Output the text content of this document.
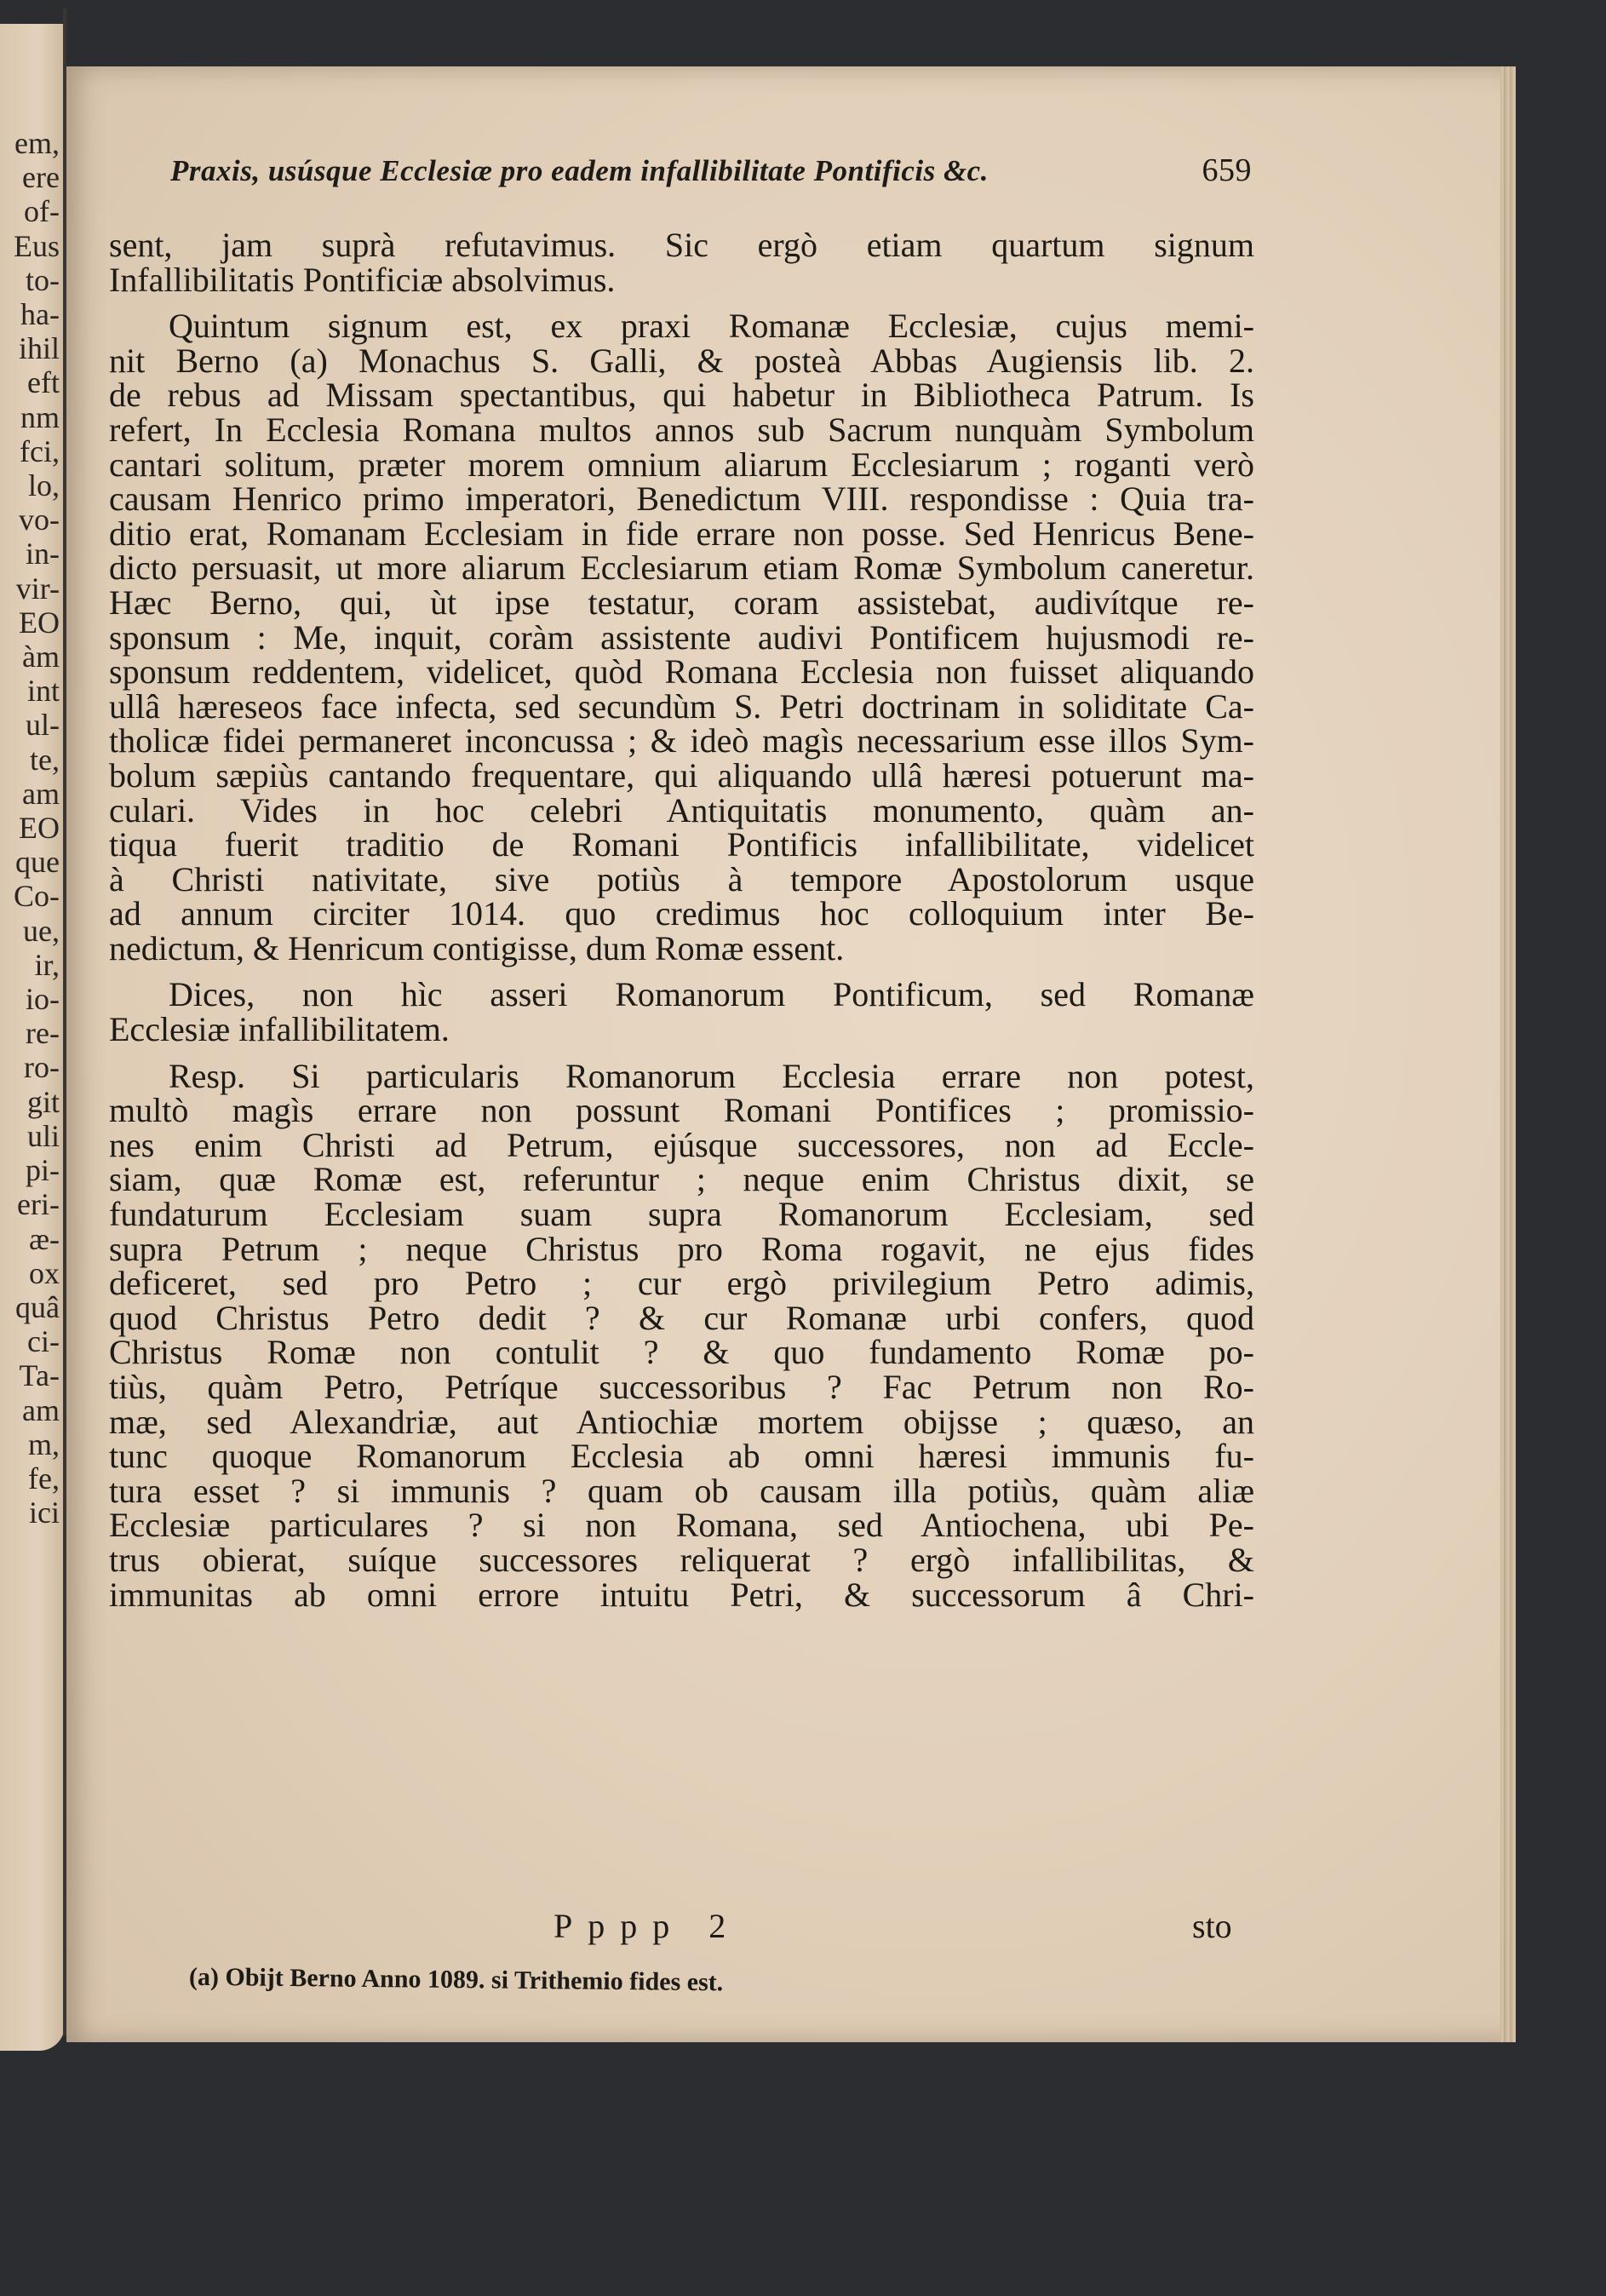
em,
ere
of-
Eus
to-
ha-
ihil
eft
nm
fci,
lo,
vo-
in-
vir-
EO
àm
int
ul-
te,
am
EO
que
Co-
ue,
ir,
io-
re-
ro-
git
uli
pi-
eri-
æ-
ox
quâ
ci-
Ta-
am
m,
fe,
ici
Praxis, usúsque Ecclesiæ pro eadem infallibilitate Pontificis &c.	659
sent, jam suprà refutavimus. Sic ergò etiam quartum signum
Infallibilitatis Pontificiæ absolvimus.
Quintum signum est, ex praxi Romanæ Ecclesiæ, cujus memi-
nit Berno (a) Monachus S. Galli, & posteà Abbas Augiensis lib. 2.
de rebus ad Missam spectantibus, qui habetur in Bibliotheca Patrum. Is
refert, In Ecclesia Romana multos annos sub Sacrum nunquàm Symbolum
cantari solitum, præter morem omnium aliarum Ecclesiarum ; roganti verò
causam Henrico primo imperatori, Benedictum VIII. respondisse : Quia tra-
ditio erat, Romanam Ecclesiam in fide errare non posse. Sed Henricus Bene-
dicto persuasit, ut more aliarum Ecclesiarum etiam Romæ Symbolum caneretur.
Hæc Berno, qui, ùt ipse testatur, coram assistebat, audivítque re-
sponsum : Me, inquit, coràm assistente audivi Pontificem hujusmodi re-
sponsum reddentem, videlicet, quòd Romana Ecclesia non fuisset aliquando
ullâ hæreseos face infecta, sed secundùm S. Petri doctrinam in soliditate Ca-
tholicæ fidei permaneret inconcussa ; & ideò magìs necessarium esse illos Sym-
bolum sæpiùs cantando frequentare, qui aliquando ullâ hæresi potuerunt ma-
culari. Vides in hoc celebri Antiquitatis monumento, quàm an-
tiqua fuerit traditio de Romani Pontificis infallibilitate, videlicet
à Christi nativitate, sive potiùs à tempore Apostolorum usque
ad annum circiter 1014. quo credimus hoc colloquium inter Be-
nedictum, & Henricum contigisse, dum Romæ essent.
Dices, non hìc asseri Romanorum Pontificum, sed Romanæ
Ecclesiæ infallibilitatem.
Resp. Si particularis Romanorum Ecclesia errare non potest,
multò magìs errare non possunt Romani Pontifices ; promissio-
nes enim Christi ad Petrum, ejúsque successores, non ad Eccle-
siam, quæ Romæ est, referuntur ; neque enim Christus dixit, se
fundaturum Ecclesiam suam supra Romanorum Ecclesiam, sed
supra Petrum ; neque Christus pro Roma rogavit, ne ejus fides
deficeret, sed pro Petro ; cur ergò privilegium Petro adimis,
quod Christus Petro dedit ? & cur Romanæ urbi confers, quod
Christus Romæ non contulit ? & quo fundamento Romæ po-
tiùs, quàm Petro, Petríque successoribus ? Fac Petrum non Ro-
mæ, sed Alexandriæ, aut Antiochiæ mortem obijsse ; quæso, an
tunc quoque Romanorum Ecclesia ab omni hæresi immunis fu-
tura esset ? si immunis ? quam ob causam illa potiùs, quàm aliæ
Ecclesiæ particulares ? si non Romana, sed Antiochena, ubi Pe-
trus obierat, suíque successores reliquerat ? ergò infallibilitas, &
immunitas ab omni errore intuitu Petri, & successorum â Chri-
Pppp 2	sto
(a) Obijt Berno Anno 1089. si Trithemio fides est.
